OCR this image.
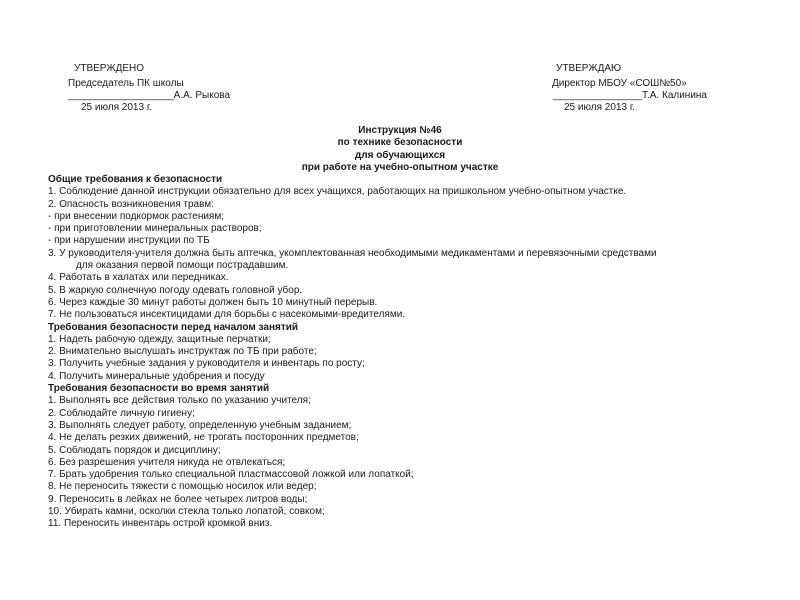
УТВЕРЖДЕНО
Председатель ПК школы
___________________А.А. Рыкова
25 июля 2013 г.
УТВЕРЖДАЮ
Директор МБОУ «СОШ№50»
________________Т.А. Калинина
25 июля 2013 г.
Инструкция №46
по технике безопасности
для обучающихся
при работе на учебно-опытном участке
Общие требования к безопасности
1. Соблюдение данной инструкции обязательно для всех учащихся, работающих на пришкольном учебно-опытном участке.
2. Опасность возникновения травм:
- при внесении подкормок растениям;
- при приготовлении минеральных растворов;
- при нарушении инструкции по ТБ
3. У руководителя-учителя должна быть аптечка, укомплектованная необходимыми медикаментами и перевязочными средствами
для оказания первой помощи пострадавшим.
4. Работать в халатах или передниках.
5. В жаркую солнечную погоду одевать головной убор.
6. Через каждые 30 минут работы должен быть 10 минутный перерыв.
7. Не пользоваться инсектицидами для борьбы с насекомыми-вредителями.
Требования безопасности перед началом занятий
1. Надеть рабочую одежду, защитные перчатки;
2. Внимательно выслушать инструктаж по ТБ при работе;
3. Получить учебные задания у руководителя и инвентарь по росту;
4. Получить минеральные удобрения и посуду
Требования безопасности во время занятий
1. Выполнять все действия только по указанию учителя;
2. Соблюдайте личную гигиену;
3. Выполнять следует работу, определенную учебным заданием;
4. Не делать резких движений, не трогать посторонних предметов;
5. Соблюдать порядок и дисциплину;
6. Без разрешения учителя никуда не отвлекаться;
7. Брать удобрения только специальной пластмассовой ложкой или лопаткой;
8. Не переносить тяжести с помощью носилок или ведер;
9. Переносить в лейках не более четырех литров воды;
10. Убирать камни, осколки стекла только лопатой, совком;
11. Переносить инвентарь острой кромкой вниз.
